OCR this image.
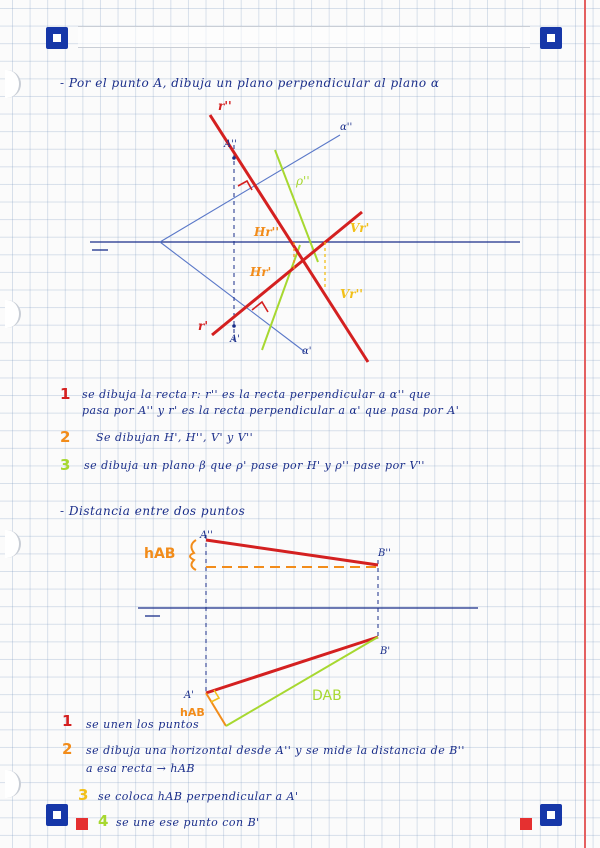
- Por el punto A, dibuja un plano perpendicular al plano α
r''
A''
α''
ρ''
Hr''	Vr'
Hr'
Vr''
r'
A'
α'
1 se dibuja la recta r: r'' es la recta perpendicular a α'' que
pasa por A'' y r' es la recta perpendicular a α' que pasa por A'
2 Se dibujan H', H'', V' y V''
3 se dibuja un plano β que ρ' pase por H' y ρ'' pase por V''
- Distancia entre dos puntos
A''
B''
hAB
B'
A'	DAB
hAB
1 se unen los puntos
2 se dibuja una horizontal desde A'' y se mide la distancia de B''
a esa recta → hAB
3 se coloca hAB perpendicular a A'
4 se une ese punto con B'
